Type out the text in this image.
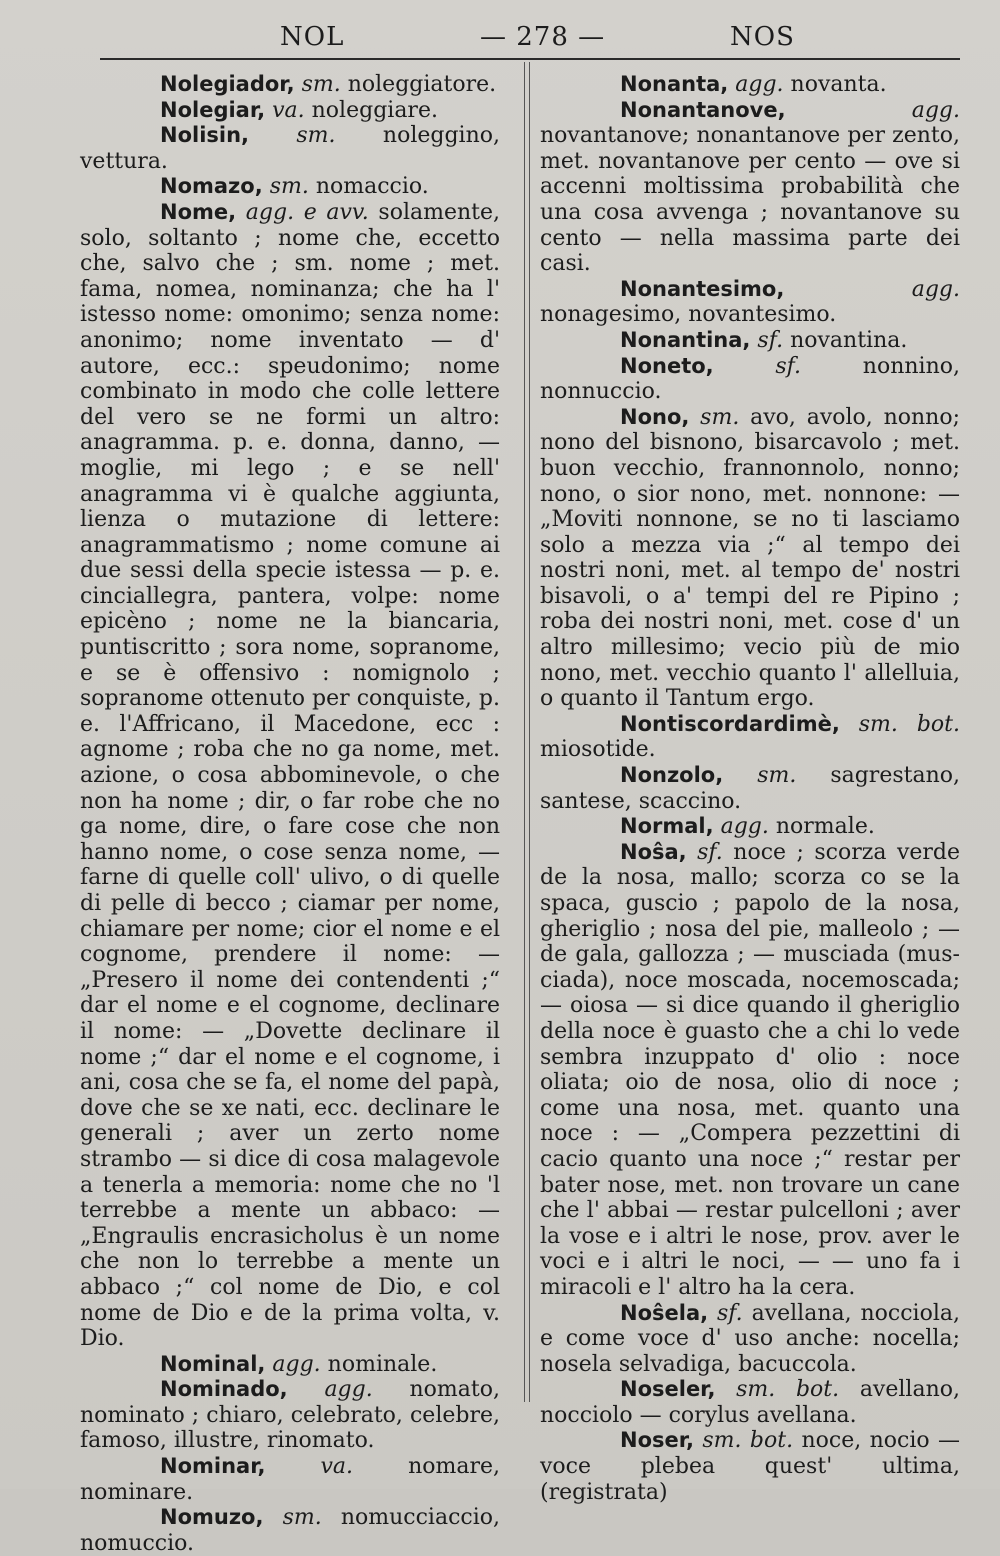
NOL	— 278 —	NOS

Nolegiador, sm. noleggiatore.

Nolegiar, va. noleggiare.

Nolisin, sm. noleggino, vettura.

Nomazo, sm. nomaccio.

Nome, agg. e avv. solamente, solo, soltanto ; nome che, eccetto che, salvo che ; sm. nome ; met. fama, nomea, nominanza; che ha l' istesso nome: omonimo; senza nome: anonimo; nome inventato — d' autore, ecc.: speudonimo; nome combinato in modo che colle lettere del vero se ne formi un altro: anagramma. p. e. donna, danno, — moglie, mi lego ; e se nell' anagramma vi è qualche aggiunta, lienza o mutazione di lettere: anagrammatismo ; nome comune ai due sessi della specie istessa — p. e. cinciallegra, pantera, volpe: nome epicèno ; nome ne la biancaria, puntiscritto ; sora nome, sopranome, e se è offensivo : nomignolo ; sopranome ottenuto per conquiste, p. e. l'Affricano, il Macedone, ecc : agnome ; roba che no ga nome, met. azione, o cosa abbominevole, o che non ha nome ; dir, o far robe che no ga nome, dire, o fare cose che non hanno nome, o cose senza nome, — farne di quelle coll' ulivo, o di quelle di pelle di becco ; ciamar per nome, chiamare per nome; cior el nome e el cognome, prendere il nome: — „Presero il nome dei contendenti ;“ dar el nome e el cognome, declinare il nome: — „Dovette declinare il nome ;“ dar el nome e el cognome, i ani, cosa che se fa, el nome del papà, dove che se xe nati, ecc. declinare le generali ; aver un zerto nome strambo — si dice di cosa malagevole a tenerla a memoria: nome che no 'l terrebbe a mente un abbaco: — „Engraulis encrasicholus è un nome che non lo terrebbe a mente un abbaco ;“ col nome de Dio, e col nome de Dio e de la prima volta, v. Dio.

Nominal, agg. nominale.

Nominado, agg. nomato, nominato ; chiaro, celebrato, celebre, famoso, illustre, rinomato.

Nominar,	va.	nomare, nominare.

Nomuzo, sm. nomucciaccio, nomuccio.

Nonanta, agg. novanta.

Nonantanove,	agg. novantanove; nonantanove per zento, met. novantanove per cento — ove si accenni moltissima probabilità che una cosa avvenga ; novantanove su cento — nella massima parte dei casi.

Nonantesimo,	agg. nonagesimo, novantesimo.

Nonantina, sf. novantina.

Noneto,	sf.	nonnino, nonnuccio.

Nono, sm. avo, avolo, nonno; nono del bisnono, bisarcavolo ; met. buon vecchio, frannonnolo, nonno; nono, o sior nono, met. nonnone: — „Moviti nonnone, se no ti lasciamo solo a mezza via ;“ al tempo dei nostri noni, met. al tempo de' nostri bisavoli, o a' tempi del re Pipino ; roba dei nostri noni, met. cose d' un altro millesimo; vecio più de mio nono, met. vecchio quanto l' allelluia, o quanto il Tantum ergo.

Nontiscordardimè, sm. bot. miosotide.

Nonzolo, sm. sagrestano, santese, scaccino.

Normal, agg. normale.

Noŝa, sf. noce ; scorza verde de la nosa, mallo; scorza co se la spaca, guscio ; papolo de la nosa, gheriglio ; nosa del pie, malleolo ; — de gala, gallozza ; — musciada (mus-ciada), noce moscada, nocemoscada; — oiosa — si dice quando il gheriglio della noce è guasto che a chi lo vede sembra inzuppato d' olio : noce oliata; oio de nosa, olio di noce ; come una nosa, met. quanto una noce : — „Compera pezzettini di cacio quanto una noce ;“ restar per bater nose, met. non trovare un cane che l' abbai — restar pulcelloni ; aver la vose e i altri le nose, prov. aver le voci e i altri le noci, — — uno fa i miracoli e l' altro ha la cera.

Noŝela, sf. avellana, nocciola, e come voce d' uso anche: nocella; nosela selvadiga, bacuccola.

Noseler, sm. bot. avellano, nocciolo — corylus avellana.

Noser, sm. bot. noce, nocio — voce plebea quest' ultima, (registrata)
